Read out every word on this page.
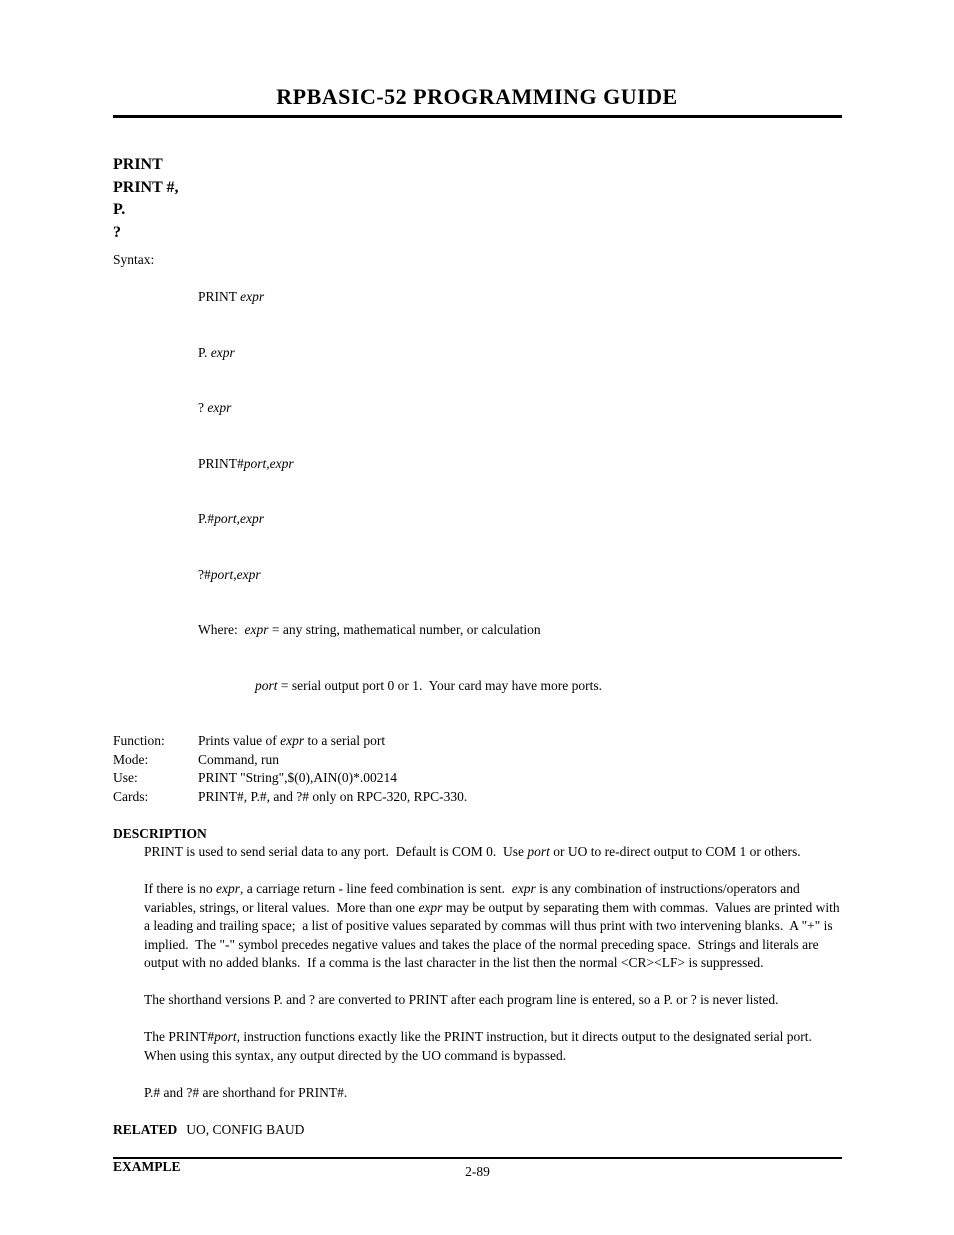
RPBASIC-52 PROGRAMMING GUIDE
PRINT
PRINT #,
P.
?
Syntax:

PRINT expr

P. expr

? expr

PRINT#port,expr

P.#port,expr

?#port,expr

Where:  expr = any string, mathematical number, or calculation

port = serial output port 0 or 1.  Your card may have more ports.

Function:	Prints value of expr to a serial port
Mode:	Command, run
Use:	PRINT "String",$(0),AIN(0)*.00214
Cards:	PRINT#, P.#, and ?# only on RPC-320, RPC-330.
DESCRIPTION

PRINT is used to send serial data to any port.  Default is COM 0.  Use port or UO to re-direct output to COM 1 or others.

If there is no expr, a carriage return - line feed combination is sent.  expr is any combination of instructions/operators and variables, strings, or literal values.  More than one expr may be output by separating them with commas.  Values are printed with a leading and trailing space;  a list of positive values separated by commas will thus print with two intervening blanks.  A "+" is implied.  The "-" symbol precedes negative values and takes the place of the normal preceding space.  Strings and literals are output with no added blanks.  If a comma is the last character in the list then the normal <CR><LF> is suppressed.

The shorthand versions P. and ? are converted to PRINT after each program line is entered, so a P. or ? is never listed.

The PRINT#port, instruction functions exactly like the PRINT instruction, but it directs output to the designated serial port.  When using this syntax, any output directed by the UO command is bypassed.

P.# and ?# are shorthand for PRINT#.

RELATED UO, CONFIG BAUD
EXAMPLE	2-89
